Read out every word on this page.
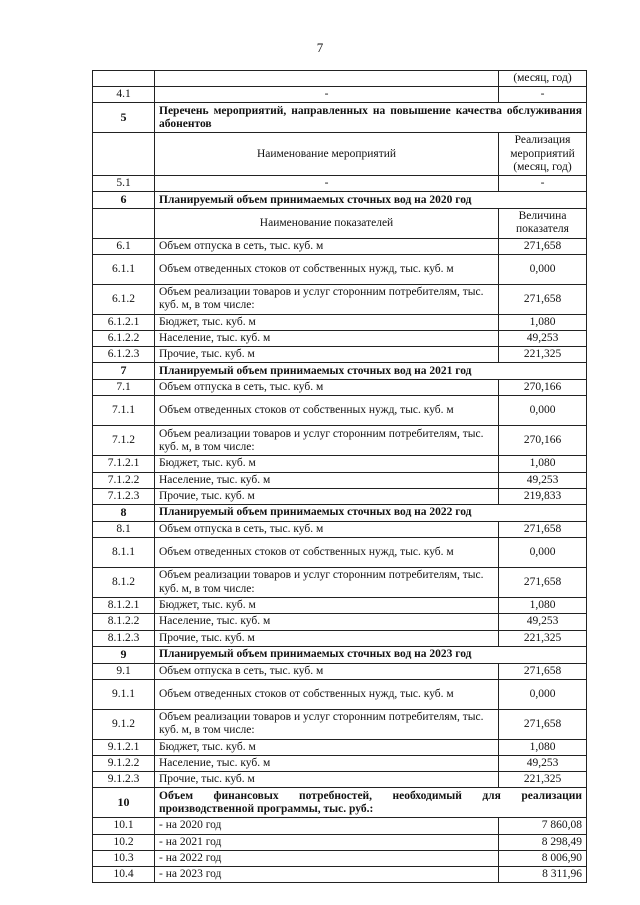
7
		(месяц, год)
4.1	-	-
5	Перечень мероприятий, направленных на повышение качества обслуживания абонентов	
	Наименование мероприятий	Реализация мероприятий (месяц, год)
5.1	-	-
6	Планируемый объем принимаемых сточных вод на 2020 год	
	Наименование показателей	Величина показателя
6.1	Объем отпуска в сеть, тыс. куб. м	271,658
6.1.1	Объем отведенных стоков от собственных нужд, тыс. куб. м	0,000
6.1.2	Объем реализации товаров и услуг сторонним потребителям, тыс. куб. м, в том числе:	271,658
6.1.2.1	Бюджет, тыс. куб. м	1,080
6.1.2.2	Население, тыс. куб. м	49,253
6.1.2.3	Прочие, тыс. куб. м	221,325
7	Планируемый объем принимаемых сточных вод на 2021 год	
7.1	Объем отпуска в сеть, тыс. куб. м	270,166
7.1.1	Объем отведенных стоков от собственных нужд, тыс. куб. м	0,000
7.1.2	Объем реализации товаров и услуг сторонним потребителям, тыс. куб. м, в том числе:	270,166
7.1.2.1	Бюджет, тыс. куб. м	1,080
7.1.2.2	Население, тыс. куб. м	49,253
7.1.2.3	Прочие, тыс. куб. м	219,833
8	Планируемый объем принимаемых сточных вод на 2022 год	
8.1	Объем отпуска в сеть, тыс. куб. м	271,658
8.1.1	Объем отведенных стоков от собственных нужд, тыс. куб. м	0,000
8.1.2	Объем реализации товаров и услуг сторонним потребителям, тыс. куб. м, в том числе:	271,658
8.1.2.1	Бюджет, тыс. куб. м	1,080
8.1.2.2	Население, тыс. куб. м	49,253
8.1.2.3	Прочие, тыс. куб. м	221,325
9	Планируемый объем принимаемых сточных вод на 2023 год	
9.1	Объем отпуска в сеть, тыс. куб. м	271,658
9.1.1	Объем отведенных стоков от собственных нужд, тыс. куб. м	0,000
9.1.2	Объем реализации товаров и услуг сторонним потребителям, тыс. куб. м, в том числе:	271,658
9.1.2.1	Бюджет, тыс. куб. м	1,080
9.1.2.2	Население, тыс. куб. м	49,253
9.1.2.3	Прочие, тыс. куб. м	221,325
10	Объем финансовых потребностей, необходимый для реализации производственной программы, тыс. руб.:	
10.1	- на 2020 год	7 860,08
10.2	- на 2021 год	8 298,49
10.3	- на 2022 год	8 006,90
10.4	- на 2023 год	8 311,96
